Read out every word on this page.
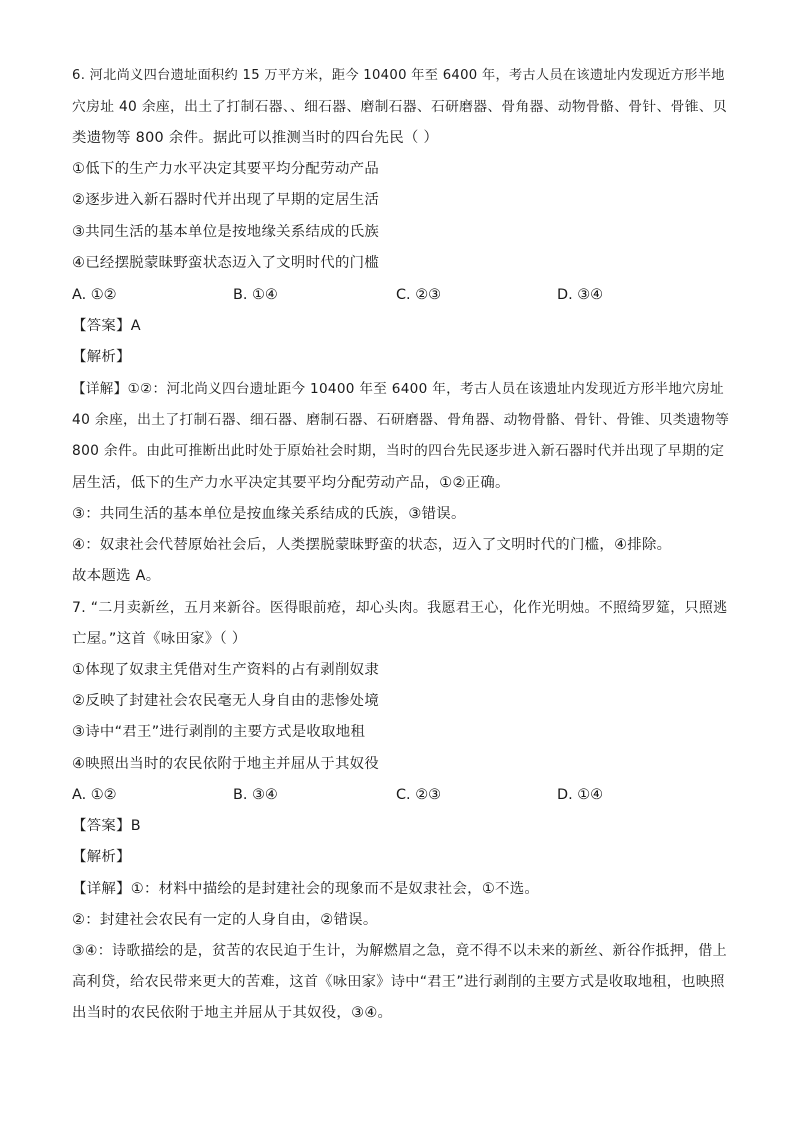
6. 河北尚义四台遗址面积约 15 万平方米，距今 10400 年至 6400 年，考古人员在该遗址内发现近方形半地
穴房址 40 余座，出土了打制石器、、细石器、磨制石器、石研磨器、骨角器、动物骨骼、骨针、骨锥、贝
类遗物等 800 余件。据此可以推测当时的四台先民（ ）
①低下的生产力水平决定其要平均分配劳动产品
②逐步进入新石器时代并出现了早期的定居生活
③共同生活的基本单位是按地缘关系结成的氏族
④已经摆脱蒙昧野蛮状态迈入了文明时代的门槛
A. ①②	B. ①④	C. ②③	D. ③④
【答案】A
【解析】
【详解】①②：河北尚义四台遗址距今 10400 年至 6400 年，考古人员在该遗址内发现近方形半地穴房址
40 余座，出土了打制石器、细石器、磨制石器、石研磨器、骨角器、动物骨骼、骨针、骨锥、贝类遗物等
800 余件。由此可推断出此时处于原始社会时期，当时的四台先民逐步进入新石器时代并出现了早期的定
居生活，低下的生产力水平决定其要平均分配劳动产品，①②正确。
③：共同生活的基本单位是按血缘关系结成的氏族，③错误。
④：奴隶社会代替原始社会后，人类摆脱蒙昧野蛮的状态，迈入了文明时代的门槛，④排除。
故本题选 A。
7. “二月卖新丝，五月来新谷。医得眼前疮，却心头肉。我愿君王心，化作光明烛。不照绮罗筵，只照逃
亡屋。”这首《咏田家》（ ）
①体现了奴隶主凭借对生产资料的占有剥削奴隶
②反映了封建社会农民毫无人身自由的悲惨处境
③诗中“君王”进行剥削的主要方式是收取地租
④映照出当时的农民依附于地主并屈从于其奴役
A. ①②	B. ③④	C. ②③	D. ①④
【答案】B
【解析】
【详解】①：材料中描绘的是封建社会的现象而不是奴隶社会，①不选。
②：封建社会农民有一定的人身自由，②错误。
③④：诗歌描绘的是，贫苦的农民迫于生计，为解燃眉之急，竟不得不以未来的新丝、新谷作抵押，借上
高利贷，给农民带来更大的苦难，这首《咏田家》诗中“君王”进行剥削的主要方式是收取地租，也映照
出当时的农民依附于地主并屈从于其奴役，③④。
